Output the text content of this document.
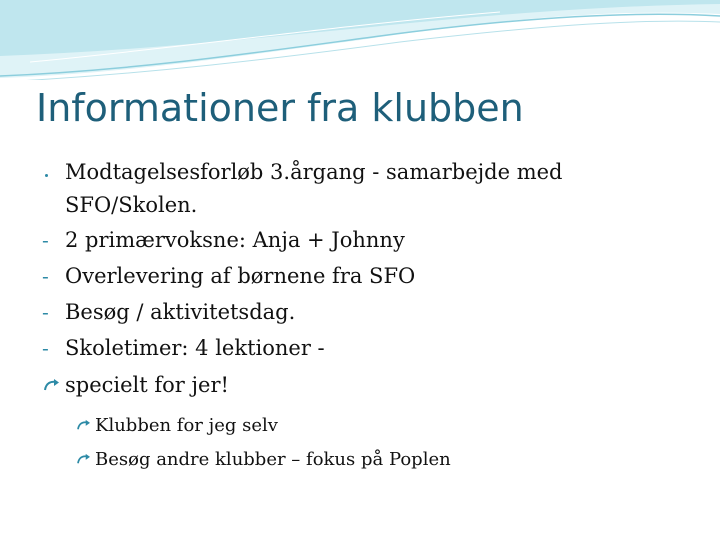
Informationer fra klubben
Modtagelsesforløb 3.årgang - samarbejde med
SFO/Skolen.
- 2 primærvoksne: Anja + Johnny
- Overlevering af børnene fra SFO
- Besøg / aktivitetsdag.
- Skoletimer: 4 lektioner -
specielt for jer!
Klubben for jeg selv
Besøg andre klubber – fokus på Poplen
